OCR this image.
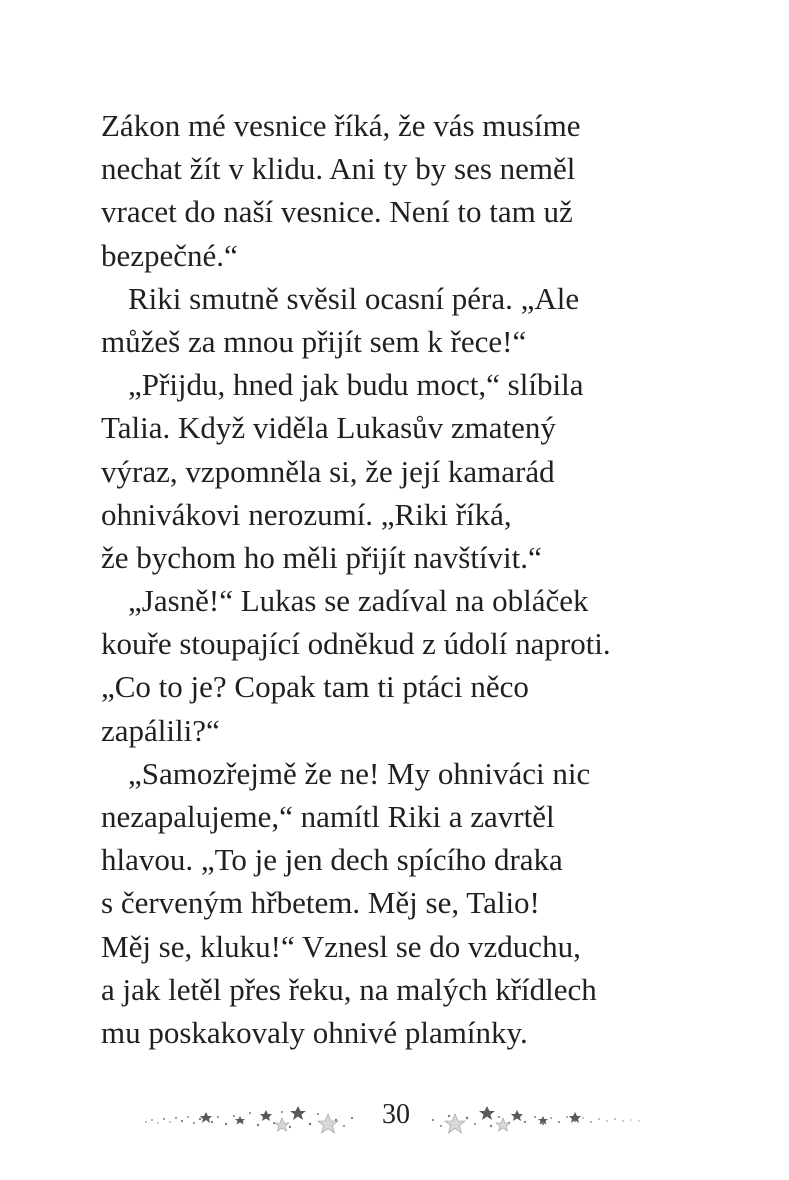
Zákon mé vesnice říká, že vás musíme
nechat žít v klidu. Ani ty by ses neměl
vracet do naší vesnice. Není to tam už
bezpečné.“
Riki smutně svěsil ocasní péra. „Ale
můžeš za mnou přijít sem k řece!“
„Přijdu, hned jak budu moct,“ slíbila
Talia. Když viděla Lukasův zmatený
výraz, vzpomněla si, že její kamarád
ohnivákovi nerozumí. „Riki říká,
že bychom ho měli přijít navštívit.“
„Jasně!“ Lukas se zadíval na obláček
kouře stoupající odněkud z údolí naproti.
„Co to je? Copak tam ti ptáci něco
zapálili?“
„Samozřejmě že ne! My ohniváci nic
nezapalujeme,“ namítl Riki a zavrtěl
hlavou. „To je jen dech spícího draka
s červeným hřbetem. Měj se, Talio!
Měj se, kluku!“ Vznesl se do vzduchu,
a jak letěl přes řeku, na malých křídlech
mu poskakovaly ohnivé plamínky.
30
